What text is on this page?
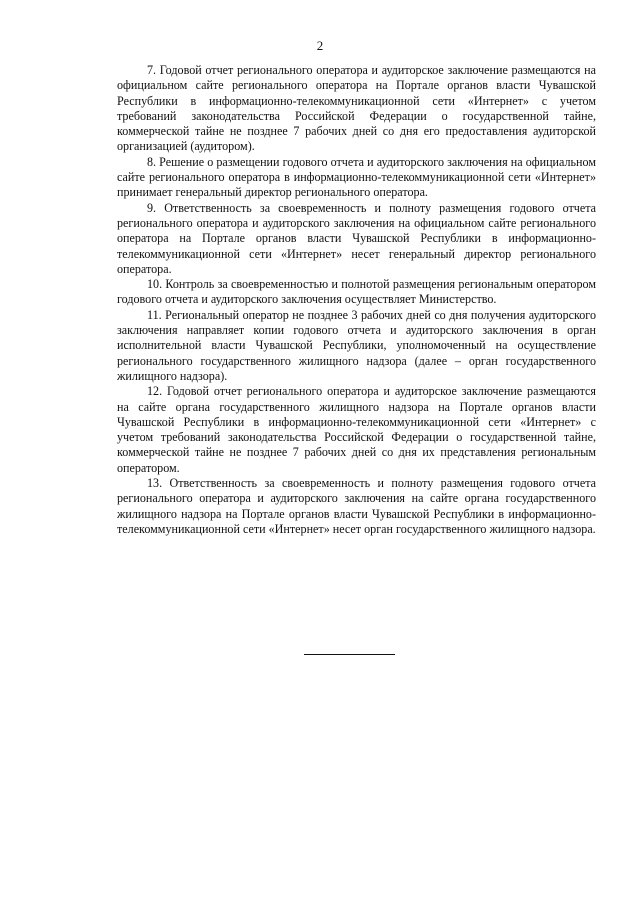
2

7. Годовой отчет регионального оператора и аудиторское заключение размещаются на официальном сайте регионального оператора на Портале органов власти Чувашской Республики в информационно-телекоммуникационной сети «Интернет» с учетом требований законодательства Российской Федерации о государственной тайне, коммерческой тайне не позднее 7 рабочих дней со дня его предоставления аудиторской организацией (аудитором).

8. Решение о размещении годового отчета и аудиторского заключения на официальном сайте регионального оператора в информационно-телекоммуникационной сети «Интернет» принимает генеральный директор регионального оператора.

9. Ответственность за своевременность и полноту размещения годового отчета регионального оператора и аудиторского заключения на официальном сайте регионального оператора на Портале органов власти Чувашской Республики в информационно-телекоммуникационной сети «Интернет» несет генеральный директор регионального оператора.

10. Контроль за своевременностью и полнотой размещения региональным оператором годового отчета и аудиторского заключения осуществляет Министерство.

11. Региональный оператор не позднее 3 рабочих дней со дня получения аудиторского заключения направляет копии годового отчета и аудиторского заключения в орган исполнительной власти Чувашской Республики, уполномоченный на осуществление регионального государственного жилищного надзора (далее – орган государственного жилищного надзора).

12. Годовой отчет регионального оператора и аудиторское заключение размещаются на сайте органа государственного жилищного надзора на Портале органов власти Чувашской Республики в информационно-телекоммуникационной сети «Интернет» с учетом требований законодательства Российской Федерации о государственной тайне, коммерческой тайне не позднее 7 рабочих дней со дня их представления региональным оператором.

13. Ответственность за своевременность и полноту размещения годового отчета регионального оператора и аудиторского заключения на сайте органа государственного жилищного надзора на Портале органов власти Чувашской Республики в информационно-телекоммуникационной сети «Интернет» несет орган государственного жилищного надзора.
